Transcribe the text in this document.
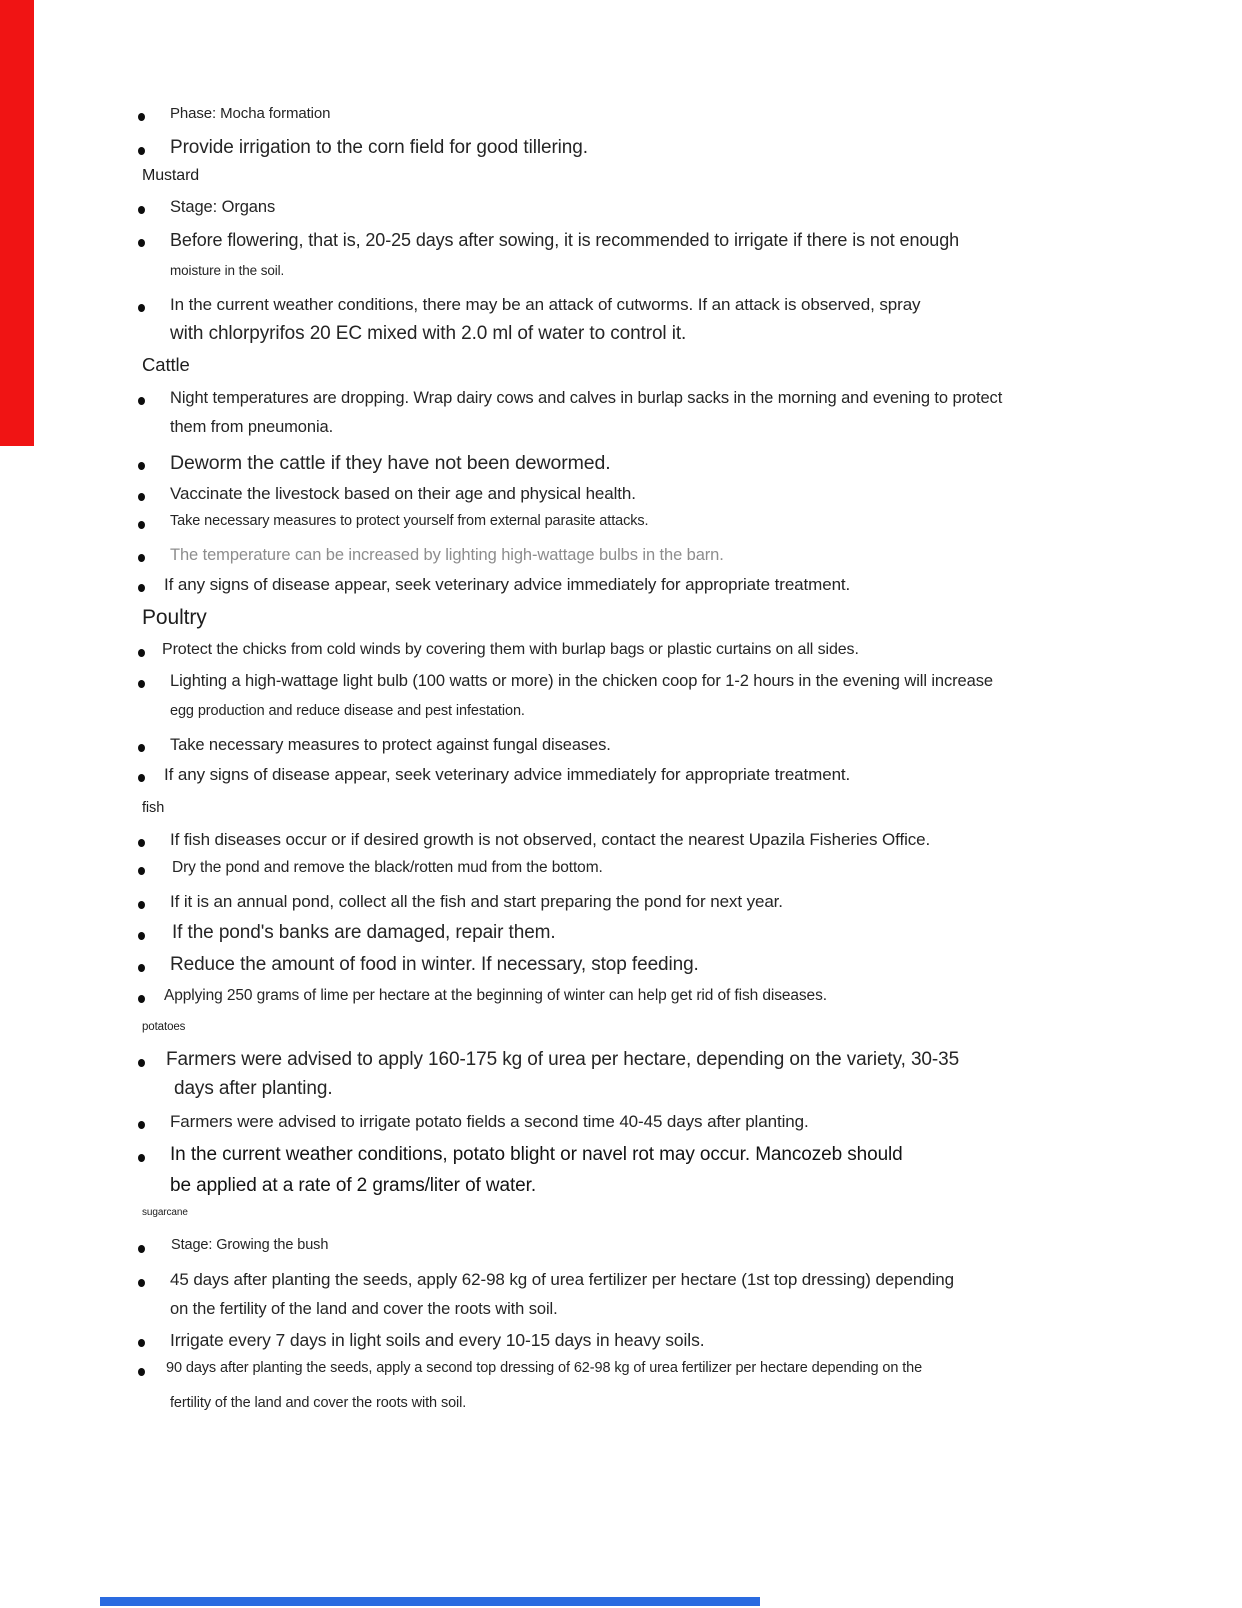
Phase: Mocha formation
Provide irrigation to the corn field for good tillering.
Mustard
Stage: Organs
Before flowering, that is, 20-25 days after sowing, it is recommended to irrigate if there is not enough
moisture in the soil.
In the current weather conditions, there may be an attack of cutworms. If an attack is observed, spray
with chlorpyrifos 20 EC mixed with 2.0 ml of water to control it.
Cattle
Night temperatures are dropping. Wrap dairy cows and calves in burlap sacks in the morning and evening to protect
them from pneumonia.
Deworm the cattle if they have not been dewormed.
Vaccinate the livestock based on their age and physical health.
Take necessary measures to protect yourself from external parasite attacks.
The temperature can be increased by lighting high-wattage bulbs in the barn.
If any signs of disease appear, seek veterinary advice immediately for appropriate treatment.
Poultry
Protect the chicks from cold winds by covering them with burlap bags or plastic curtains on all sides.
Lighting a high-wattage light bulb (100 watts or more) in the chicken coop for 1-2 hours in the evening will increase
egg production and reduce disease and pest infestation.
Take necessary measures to protect against fungal diseases.
If any signs of disease appear, seek veterinary advice immediately for appropriate treatment.
fish
If fish diseases occur or if desired growth is not observed, contact the nearest Upazila Fisheries Office.
Dry the pond and remove the black/rotten mud from the bottom.
If it is an annual pond, collect all the fish and start preparing the pond for next year.
If the pond's banks are damaged, repair them.
Reduce the amount of food in winter. If necessary, stop feeding.
Applying 250 grams of lime per hectare at the beginning of winter can help get rid of fish diseases.
potatoes
Farmers were advised to apply 160-175 kg of urea per hectare, depending on the variety, 30-35
days after planting.
Farmers were advised to irrigate potato fields a second time 40-45 days after planting.
In the current weather conditions, potato blight or navel rot may occur. Mancozeb should
be applied at a rate of 2 grams/liter of water.
sugarcane
Stage: Growing the bush
45 days after planting the seeds, apply 62-98 kg of urea fertilizer per hectare (1st top dressing) depending
on the fertility of the land and cover the roots with soil.
Irrigate every 7 days in light soils and every 10-15 days in heavy soils.
90 days after planting the seeds, apply a second top dressing of 62-98 kg of urea fertilizer per hectare depending on the
fertility of the land and cover the roots with soil.
